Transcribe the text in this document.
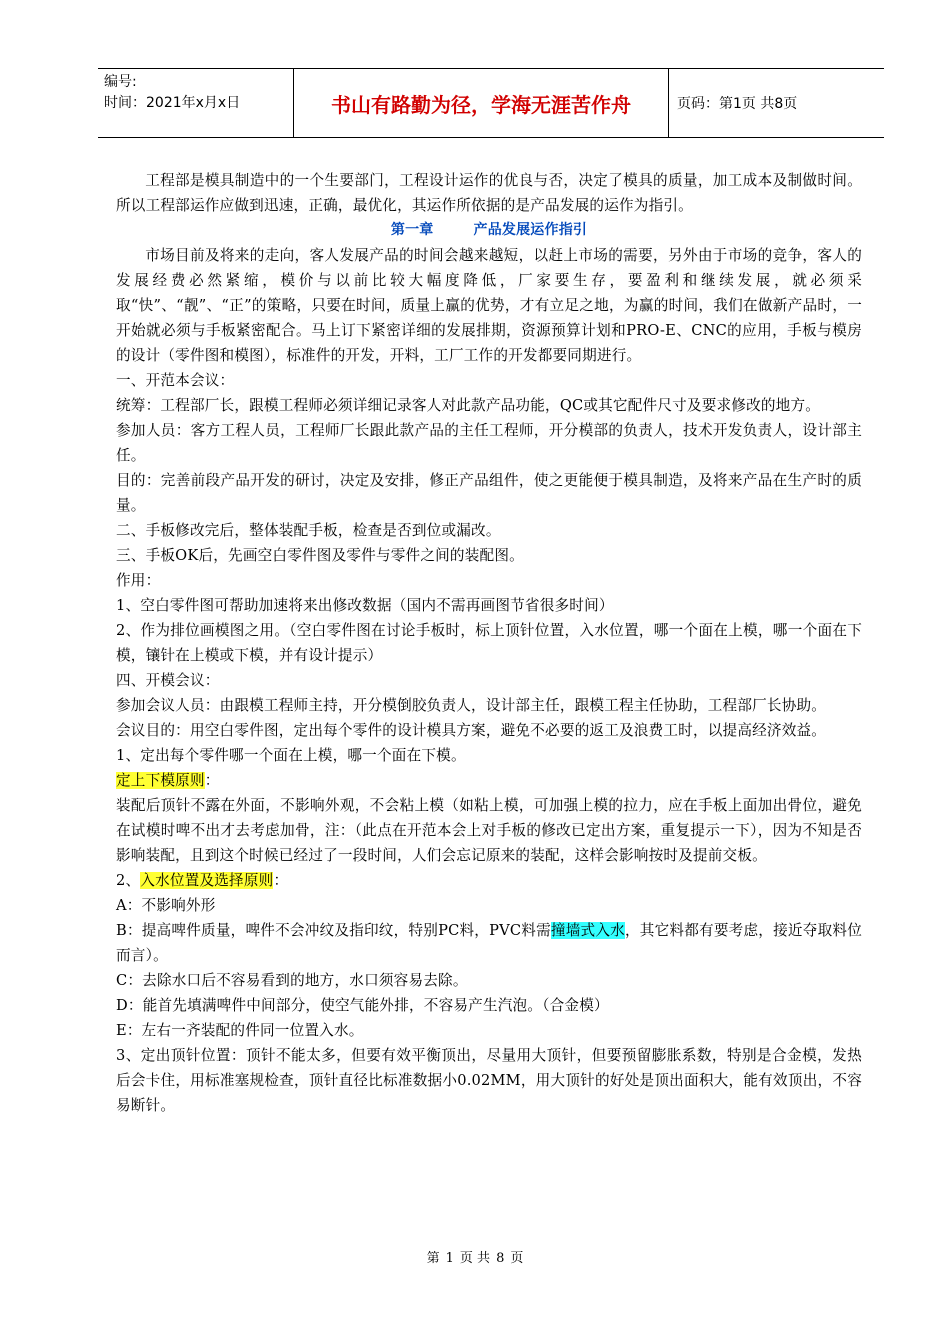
编号:
时间：2021年x月x日	书山有路勤为径，学海无涯苦作舟	页码：第1页 共8页

工程部是模具制造中的一个生要部门，工程设计运作的优良与否，决定了模具的质量，加工成本及制做时间。所以工程部运作应做到迅速，正确，最优化，其运作所依据的是产品发展的运作为指引。

第一章	产品发展运作指引

市场目前及将来的走向，客人发展产品的时间会越来越短，以赶上市场的需要，另外由于市场的竞争，客人的发展经费必然紧缩，模价与以前比较大幅度降低，厂家要生存，要盈利和继续发展，就必须采取“快”、“靓”、“正”的策略，只要在时间，质量上赢的优势，才有立足之地，为赢的时间，我们在做新产品时，一开始就必须与手板紧密配合。马上订下紧密详细的发展排期，资源预算计划和PRO-E、CNC的应用，手板与模房的设计（零件图和模图），标准件的开发，开料，工厂工作的开发都要同期进行。

一、开范本会议：

统筹：工程部厂长，跟模工程师必须详细记录客人对此款产品功能，QC或其它配件尺寸及要求修改的地方。

参加人员：客方工程人员，工程师厂长跟此款产品的主任工程师，开分模部的负责人，技术开发负责人，设计部主任。

目的：完善前段产品开发的研讨，决定及安排，修正产品组件，使之更能便于模具制造，及将来产品在生产时的质量。

二、手板修改完后，整体装配手板，检查是否到位或漏改。

三、手板OK后，先画空白零件图及零件与零件之间的装配图。

作用：

1、空白零件图可帮助加速将来出修改数据（国内不需再画图节省很多时间）

2、作为排位画模图之用。（空白零件图在讨论手板时，标上顶针位置，入水位置，哪一个面在上模，哪一个面在下模，镶针在上模或下模，并有设计提示）

四、开模会议：

参加会议人员：由跟模工程师主持，开分模倒胶负责人，设计部主任，跟模工程主任协助，工程部厂长协助。

会议目的：用空白零件图，定出每个零件的设计模具方案，避免不必要的返工及浪费工时，以提高经济效益。

1、定出每个零件哪一个面在上模，哪一个面在下模。

定上下模原则：

装配后顶针不露在外面，不影响外观，不会粘上模（如粘上模，可加强上模的拉力，应在手板上面加出骨位，避免在试模时啤不出才去考虑加骨，注：（此点在开范本会上对手板的修改已定出方案，重复提示一下），因为不知是否影响装配，且到这个时候已经过了一段时间，人们会忘记原来的装配，这样会影响按时及提前交板。

2、入水位置及选择原则：

A：不影响外形

B：提高啤件质量，啤件不会冲纹及指印纹，特别PC料，PVC料需撞墙式入水，其它料都有要考虑，接近夺取料位而言）。

C：去除水口后不容易看到的地方，水口须容易去除。

D：能首先填满啤件中间部分，使空气能外排，不容易产生汽泡。（合金模）

E：左右一齐装配的件同一位置入水。

3、定出顶针位置：顶针不能太多，但要有效平衡顶出，尽量用大顶针，但要预留膨胀系数，特别是合金模，发热后会卡住，用标准塞规检查，顶针直径比标准数据小0.02MM，用大顶针的好处是顶出面积大，能有效顶出，不容易断针。

第 1 页 共 8 页
